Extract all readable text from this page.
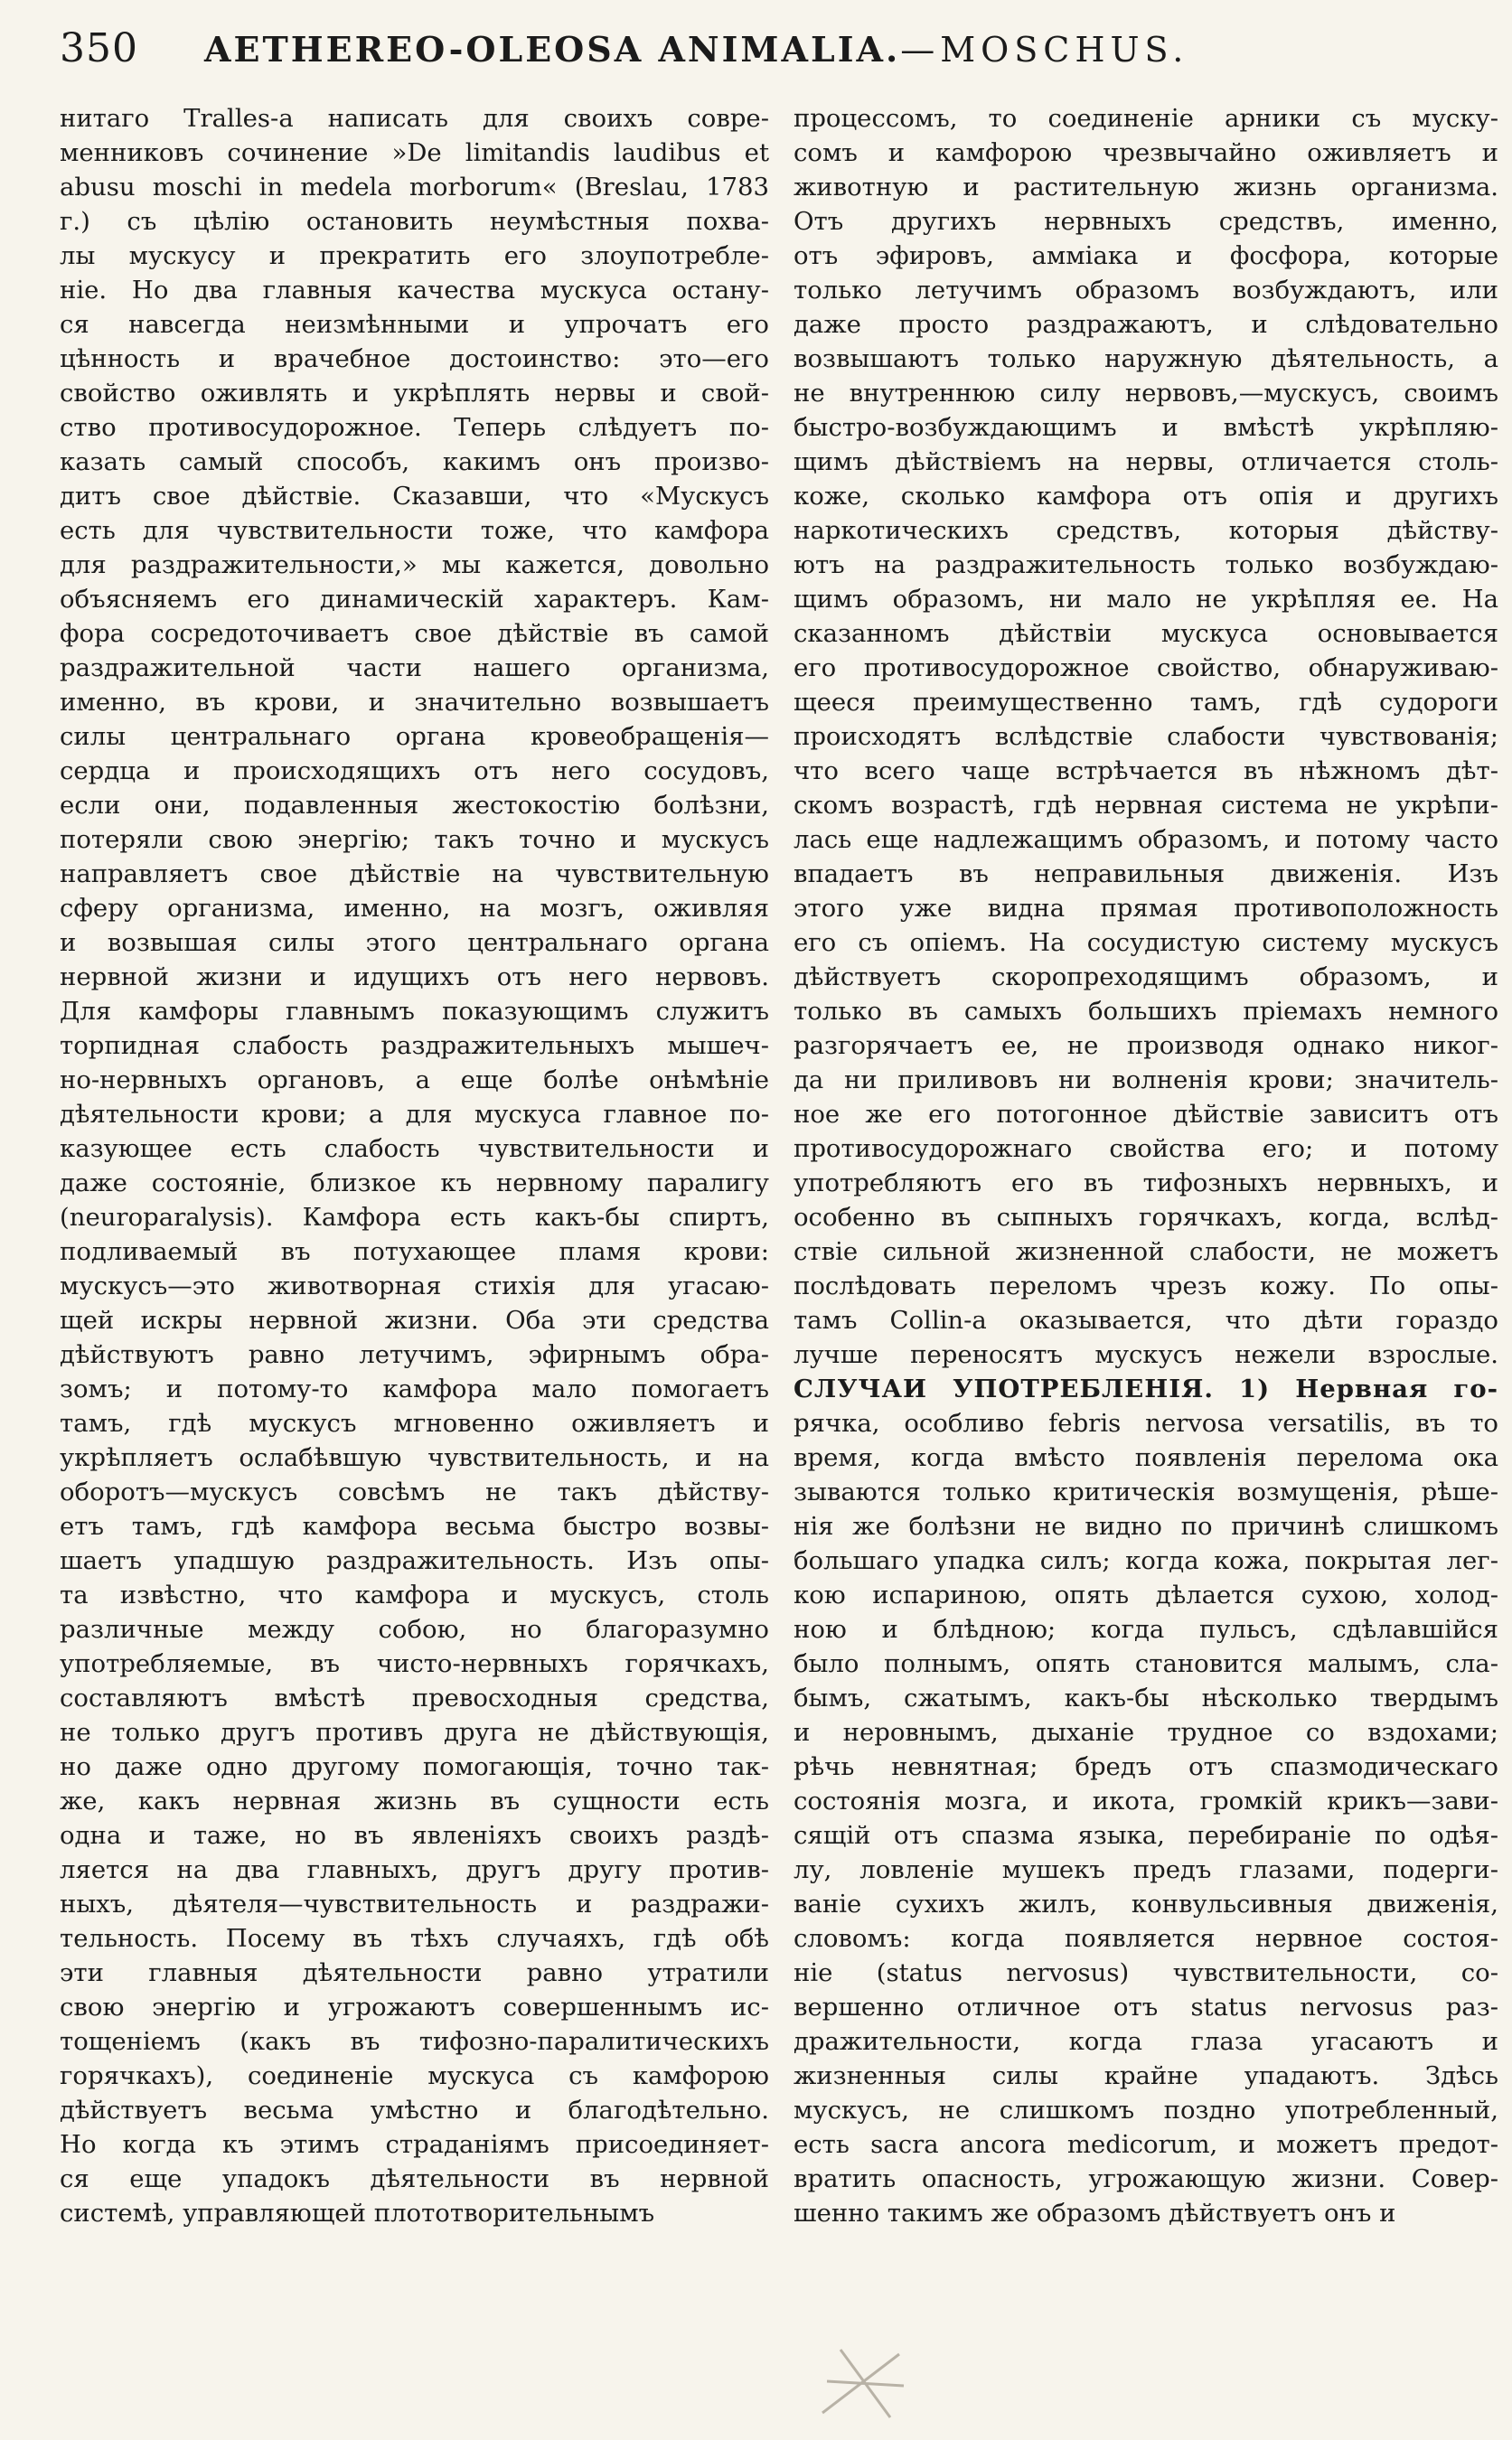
350 AETHEREO-OLEOSA ANIMALIA.—MOSCHUS.
нитаго Tralles-а написать для своихъ совре-
менниковъ сочинение »De limitandis laudibus et
abusu moschi in medela morborum« (Breslau, 1783
г.) съ цѣлію остановить неумѣстныя похва-
лы мускусу и прекратить его злоупотребле-
ніе. Но два главныя качества мускуса остану-
ся навсегда неизмѣнными и упрочатъ его
цѣнность и врачебное достоинство: это—его
свойство оживлять и укрѣплять нервы и свой-
ство противосудорожное. Теперь слѣдуетъ по-
казать самый способъ, какимъ онъ произво-
дитъ свое дѣйствіе. Сказавши, что «Мускусъ
есть для чувствительности тоже, что камфора
для раздражительности,» мы кажется, довольно
объясняемъ его динамическій характеръ. Кам-
фора сосредоточиваетъ свое дѣйствіе въ самой
раздражительной части нашего организма,
именно, въ крови, и значительно возвышаетъ
силы центральнаго органа кровеобращенія—
сердца и происходящихъ отъ него сосудовъ,
если они, подавленныя жестокостію болѣзни,
потеряли свою энергію; такъ точно и мускусъ
направляетъ свое дѣйствіе на чувствительную
сферу организма, именно, на мозгъ, оживляя
и возвышая силы этого центральнаго органа
нервной жизни и идущихъ отъ него нервовъ.
Для камфоры главнымъ показующимъ служитъ
торпидная слабость раздражительныхъ мышеч-
но-нервныхъ органовъ, а еще болѣе онѣмѣніе
дѣятельности крови; а для мускуса главное по-
казующее есть слабость чувствительности и
даже состояніе, близкое къ нервному паралигу
(neuroparalysis). Камфора есть какъ-бы спиртъ,
подливаемый въ потухающее пламя крови:
мускусъ—это животворная стихія для угасаю-
щей искры нервной жизни. Оба эти средства
дѣйствуютъ равно летучимъ, эфирнымъ обра-
зомъ; и потому-то камфора мало помогаетъ
тамъ, гдѣ мускусъ мгновенно оживляетъ и
укрѣпляетъ ослабѣвшую чувствительность, и на
оборотъ—мускусъ совсѣмъ не такъ дѣйству-
етъ тамъ, гдѣ камфора весьма быстро возвы-
шаетъ упадшую раздражительность. Изъ опы-
та извѣстно, что камфора и мускусъ, столь
различные между собою, но благоразумно
употребляемые, въ чисто-нервныхъ горячкахъ,
составляютъ вмѣстѣ превосходныя средства,
не только другъ противъ друга не дѣйствующія,
но даже одно другому помогающія, точно так-
же, какъ нервная жизнь въ сущности есть
одна и таже, но въ явленіяхъ своихъ раздѣ-
ляется на два главныхъ, другъ другу против-
ныхъ, дѣятеля—чувствительность и раздражи-
тельность. Посему въ тѣхъ случаяхъ, гдѣ обѣ
эти главныя дѣятельности равно утратили
свою энергію и угрожаютъ совершеннымъ ис-
тощеніемъ (какъ въ тифозно-паралитическихъ
горячкахъ), соединеніе мускуса съ камфорою
дѣйствуетъ весьма умѣстно и благодѣтельно.
Но когда къ этимъ страданіямъ присоединяет-
ся еще упадокъ дѣятельности въ нервной
системѣ, управляющей плототворительнымъ
процессомъ, то соединеніе арники съ муску-
сомъ и камфорою чрезвычайно оживляетъ и
животную и растительную жизнь организма.
Отъ другихъ нервныхъ средствъ, именно,
отъ эфировъ, амміака и фосфора, которые
только летучимъ образомъ возбуждаютъ, или
даже просто раздражаютъ, и слѣдовательно
возвышаютъ только наружную дѣятельность, а
не внутреннюю силу нервовъ,—мускусъ, своимъ
быстро-возбуждающимъ и вмѣстѣ укрѣпляю-
щимъ дѣйствіемъ на нервы, отличается столь-
коже, сколько камфора отъ опія и другихъ
наркотическихъ средствъ, которыя дѣйству-
ютъ на раздражительность только возбуждаю-
щимъ образомъ, ни мало не укрѣпляя ее. На
сказанномъ дѣйствіи мускуса основывается
его противосудорожное свойство, обнаруживаю-
щееся преимущественно тамъ, гдѣ судороги
происходятъ вслѣдствіе слабости чувствованія;
что всего чаще встрѣчается въ нѣжномъ дѣт-
скомъ возрастѣ, гдѣ нервная система не укрѣпи-
лась еще надлежащимъ образомъ, и потому часто
впадаетъ въ неправильныя движенія. Изъ
этого уже видна прямая противоположность
его съ опіемъ. На сосудистую систему мускусъ
дѣйствуетъ скоропреходящимъ образомъ, и
только въ самыхъ большихъ пріемахъ немного
разгорячаетъ ее, не производя однако никог-
да ни приливовъ ни волненія крови; значитель-
ное же его потогонное дѣйствіе зависитъ отъ
противосудорожнаго свойства его; и потому
употребляютъ его въ тифозныхъ нервныхъ, и
особенно въ сыпныхъ горячкахъ, когда, вслѣд-
ствіе сильной жизненной слабости, не можетъ
послѣдовать переломъ чрезъ кожу. По опы-
тамъ Collin-а оказывается, что дѣти гораздо
лучше переносятъ мускусъ нежели взрослые.
СЛУЧАИ УПОТРЕБЛЕНІЯ. 1) Нервная го-
рячка, особливо febris nervosa versatilis, въ то
время, когда вмѣсто появленія перелома ока
зываются только критическія возмущенія, рѣше-
нія же болѣзни не видно по причинѣ слишкомъ
большаго упадка силъ; когда кожа, покрытая лег-
кою испариною, опять дѣлается сухою, холод-
ною и блѣдною; когда пульсъ, сдѣлавшійся
было полнымъ, опять становится малымъ, сла-
бымъ, сжатымъ, какъ-бы нѣсколько твердымъ
и неровнымъ, дыханіе трудное со вздохами;
рѣчь невнятная; бредъ отъ спазмодическаго
состоянія мозга, и икота, громкій крикъ—зави-
сящій отъ спазма языка, перебираніе по одѣя-
лу, ловленіе мушекъ предъ глазами, подерги-
ваніе сухихъ жилъ, конвульсивныя движенія,
словомъ: когда появляется нервное состоя-
ніе (status nervosus) чувствительности, со-
вершенно отличное отъ status nervosus раз-
дражительности, когда глаза угасаютъ и
жизненныя силы крайне упадаютъ. Здѣсь
мускусъ, не слишкомъ поздно употребленный,
есть sacra ancora medicorum, и можетъ предот-
вратить опасность, угрожающую жизни. Совер-
шенно такимъ же образомъ дѣйствуетъ онъ и
